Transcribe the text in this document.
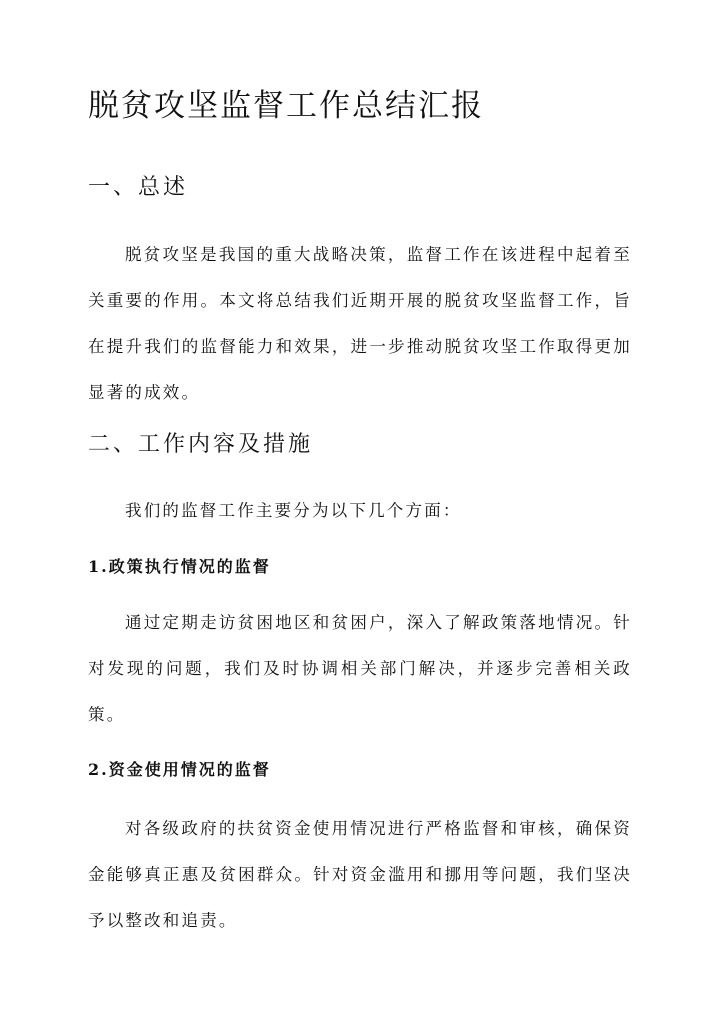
脱贫攻坚监督工作总结汇报
一、总述

脱贫攻坚是我国的重大战略决策，监督工作在该进程中起着至关重要的作用。本文将总结我们近期开展的脱贫攻坚监督工作，旨在提升我们的监督能力和效果，进一步推动脱贫攻坚工作取得更加显著的成效。

二、工作内容及措施

我们的监督工作主要分为以下几个方面：

1.政策执行情况的监督

通过定期走访贫困地区和贫困户，深入了解政策落地情况。针对发现的问题，我们及时协调相关部门解决，并逐步完善相关政策。

2.资金使用情况的监督

对各级政府的扶贫资金使用情况进行严格监督和审核，确保资金能够真正惠及贫困群众。针对资金滥用和挪用等问题，我们坚决予以整改和追责。
